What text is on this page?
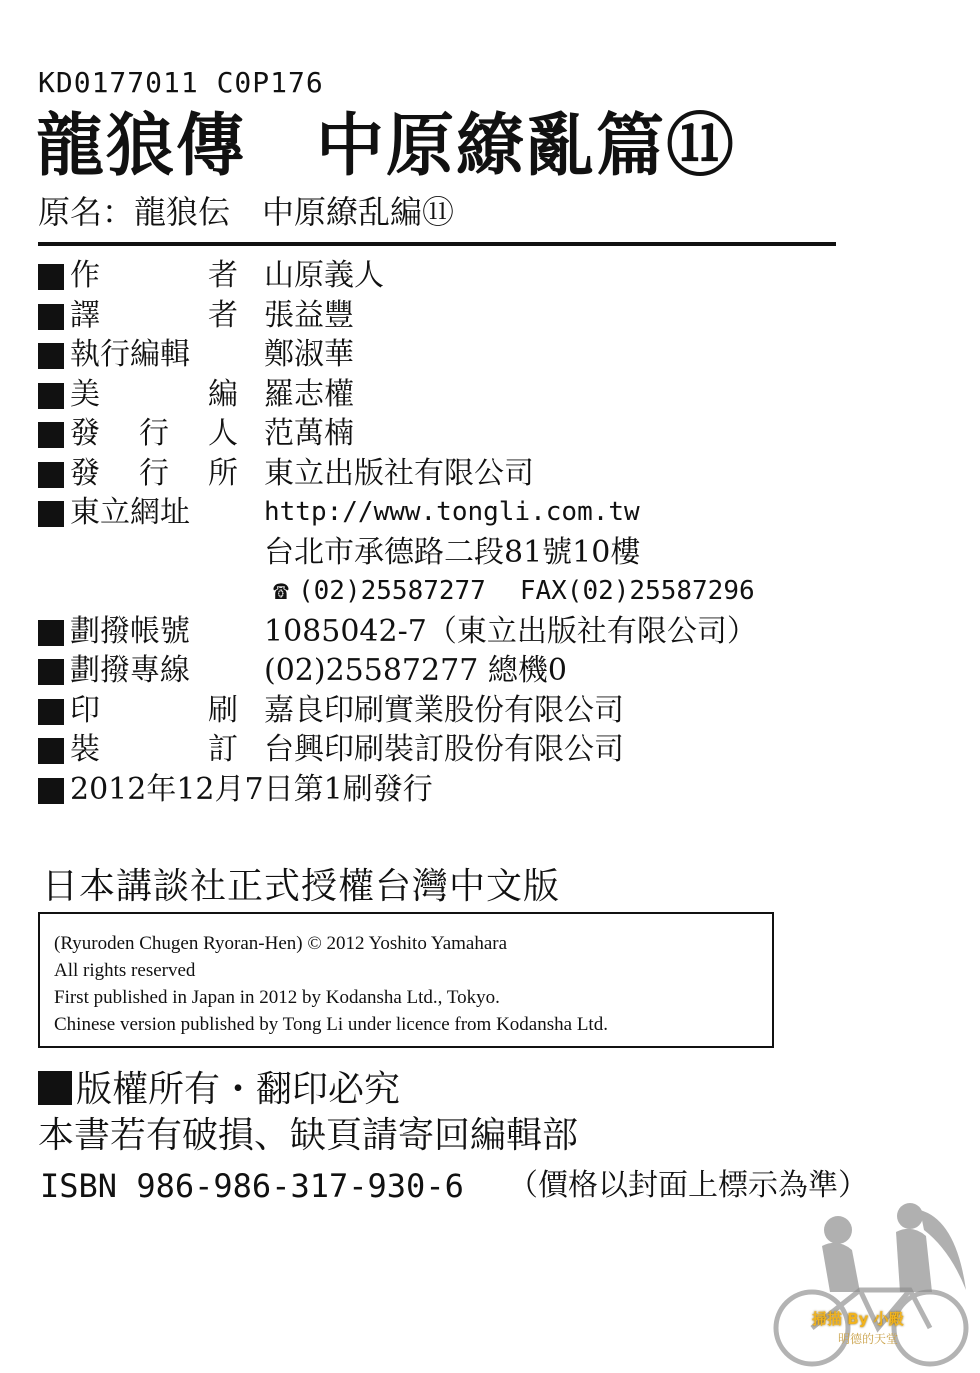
KD0177011 C0P176
龍狼傳　中原繚亂篇⑪
原名：龍狼伝　中原繚乱編⑪
作	者 山原義人
譯	者 張益豐
執行編輯 鄭淑華
美	編 羅志權
發 行 人 范萬楠
發 行 所 東立出版社有限公司
東立網址	http://www.tongli.com.tw
台北市承德路二段81號10樓
☎ (02)25587277 FAX(02)25587296
劃撥帳號 1085042-7（東立出版社有限公司）
劃撥專線 (02)25587277 總機0
印	刷 嘉良印刷實業股份有限公司
裝	訂 台興印刷裝訂股份有限公司
2012年12月7日第1刷發行
日本講談社正式授權台灣中文版
(Ryuroden Chugen Ryoran-Hen) © 2012 Yoshito Yamahara
All rights reserved
First published in Japan in 2012 by Kodansha Ltd., Tokyo.
Chinese version published by Tong Li under licence from Kodansha Ltd.
版權所有・翻印必究
本書若有破損、缺頁請寄回編輯部
ISBN 986-986-317-930-6 （價格以封面上標示為準）
掃描 By 小殿
明德的天堂
